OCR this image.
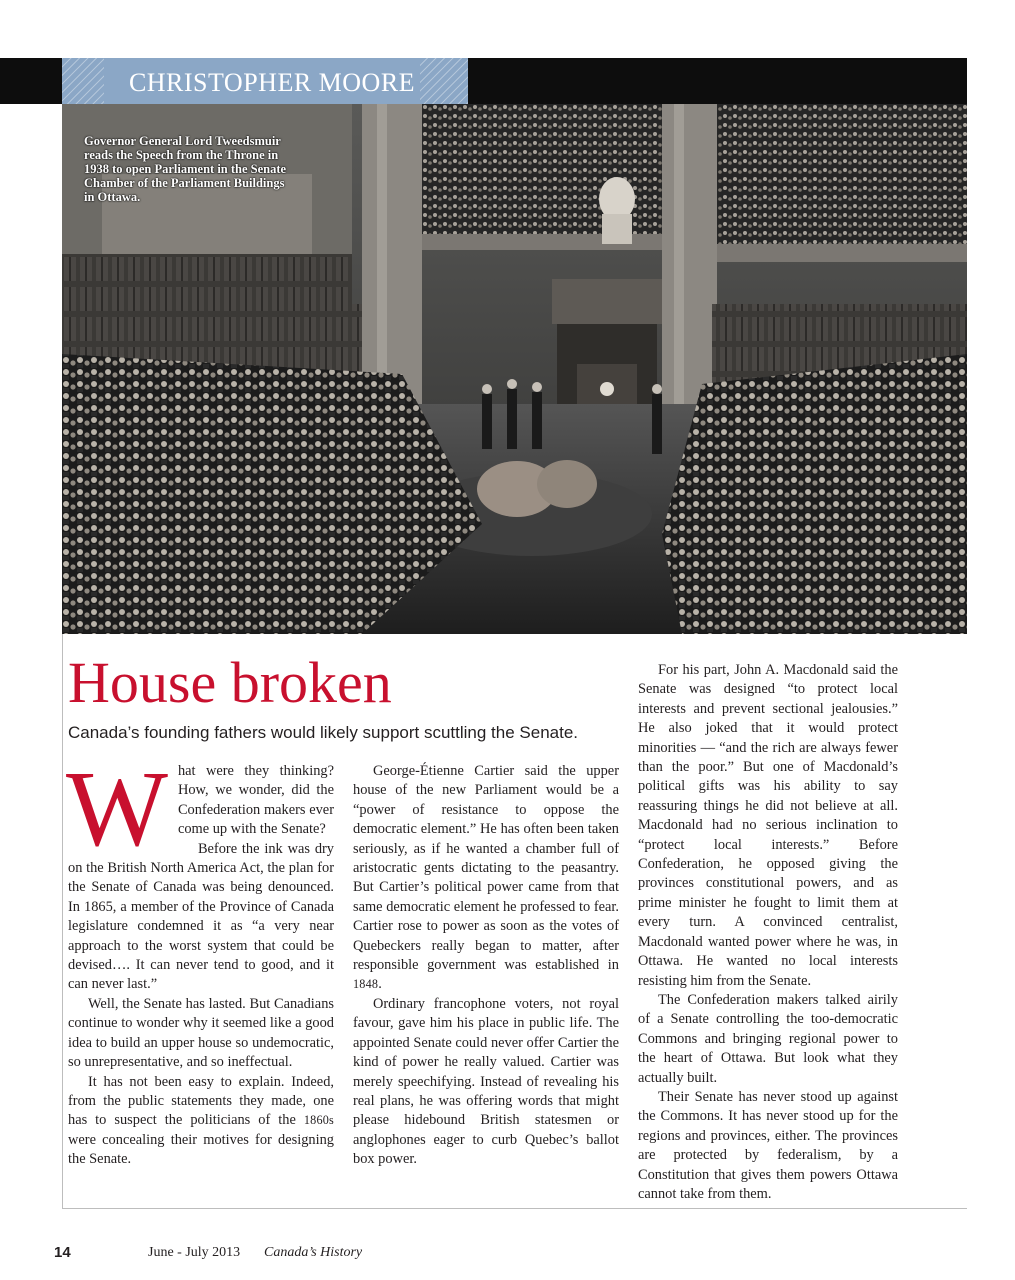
CHRISTOPHER MOORE
LIBRARY AND ARCHIVES CANADA
Governor General Lord Tweedsmuir reads the Speech from the Throne in 1938 to open Parliament in the Senate Chamber of the Parliament Buildings in Ottawa.
House broken

Canada’s founding fathers would likely support scuttling the Senate.

What were they thinking? How, we wonder, did the Confederation makers ever come up with the Senate?

Before the ink was dry on the British North America Act, the plan for the Senate of Canada was being denounced. In 1865, a member of the Province of Canada legislature condemned it as “a very near approach to the worst system that could be devised…. It can never tend to good, and it can never last.”

Well, the Senate has lasted. But Canadians continue to wonder why it seemed like a good idea to build an upper house so undemocratic, so unrepresentative, and so ineffectual.

It has not been easy to explain. Indeed, from the public statements they made, one has to suspect the politicians of the 1860s were concealing their motives for designing the Senate.

George-Étienne Cartier said the upper house of the new Parliament would be a “power of resistance to oppose the democratic element.” He has often been taken seriously, as if he wanted a chamber full of aristocratic gents dictating to the peasantry. But Cartier’s political power came from that same democratic element he professed to fear. Cartier rose to power as soon as the votes of Quebeckers really began to matter, after responsible government was established in 1848.

Ordinary francophone voters, not royal favour, gave him his place in public life. The appointed Senate could never offer Cartier the kind of power he really valued. Cartier was merely speechifying. Instead of revealing his real plans, he was offering words that might please hidebound British statesmen or anglophones eager to curb Quebec’s ballot box power.

For his part, John A. Macdonald said the Senate was designed “to protect local interests and prevent sectional jealousies.” He also joked that it would protect minorities — “and the rich are always fewer than the poor.” But one of Macdonald’s political gifts was his ability to say reassuring things he did not believe at all. Macdonald had no serious inclination to “protect local interests.” Before Confederation, he opposed giving the provinces constitutional powers, and as prime minister he fought to limit them at every turn. A convinced centralist, Macdonald wanted power where he was, in Ottawa. He wanted no local interests resisting him from the Senate.

The Confederation makers talked airily of a Senate controlling the too-democratic Commons and bringing regional power to the heart of Ottawa. But look what they actually built.

Their Senate has never stood up against the Commons. It has never stood up for the regions and provinces, either. The provinces are protected by federalism, by a Constitution that gives them powers Ottawa cannot take from them.

14	June - July 2013 Canada’s History
